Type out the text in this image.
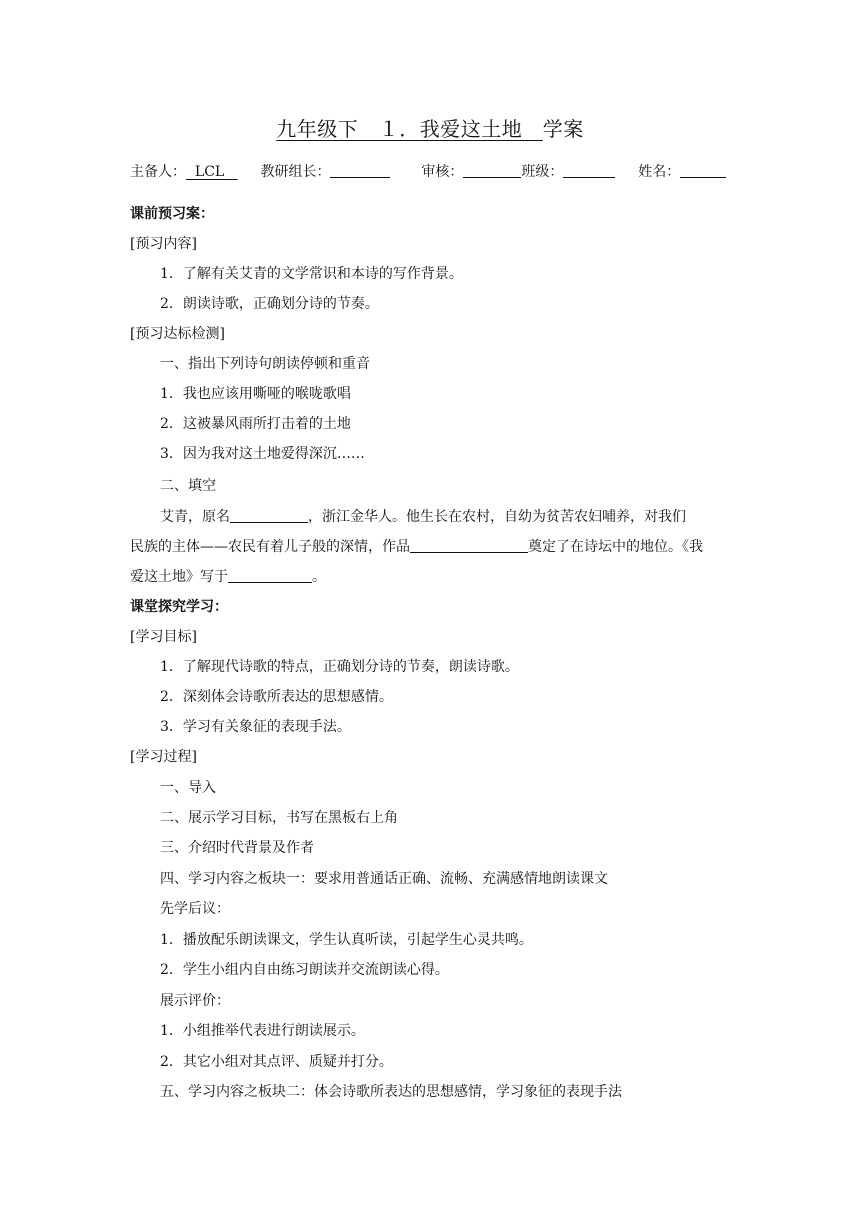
九年级下　１．我爱这土地　学案
主备人： LCL	教研组长：	审核：	班级：	姓名：
课前预习案：
[预习内容]
1．了解有关艾青的文学常识和本诗的写作背景。
2．朗读诗歌，正确划分诗的节奏。
[预习达标检测]
一、指出下列诗句朗读停顿和重音
1．我也应该用嘶哑的喉咙歌唱
2．这被暴风雨所打击着的土地
3．因为我对这土地爱得深沉……
二、填空
艾青，原名	，浙江金华人。他生长在农村，自幼为贫苦农妇哺养，对我们
民族的主体——农民有着儿子般的深情，作品	奠定了在诗坛中的地位。《我
爱这土地》写于	。
课堂探究学习：
[学习目标]
1．了解现代诗歌的特点，正确划分诗的节奏，朗读诗歌。
2．深刻体会诗歌所表达的思想感情。
3．学习有关象征的表现手法。
[学习过程]
一、导入
二、展示学习目标，书写在黑板右上角
三、介绍时代背景及作者
四、学习内容之板块一：要求用普通话正确、流畅、充满感情地朗读课文
先学后议：
1．播放配乐朗读课文，学生认真听读，引起学生心灵共鸣。
2．学生小组内自由练习朗读并交流朗读心得。
展示评价：
1．小组推举代表进行朗读展示。
2．其它小组对其点评、质疑并打分。
五、学习内容之板块二：体会诗歌所表达的思想感情，学习象征的表现手法
